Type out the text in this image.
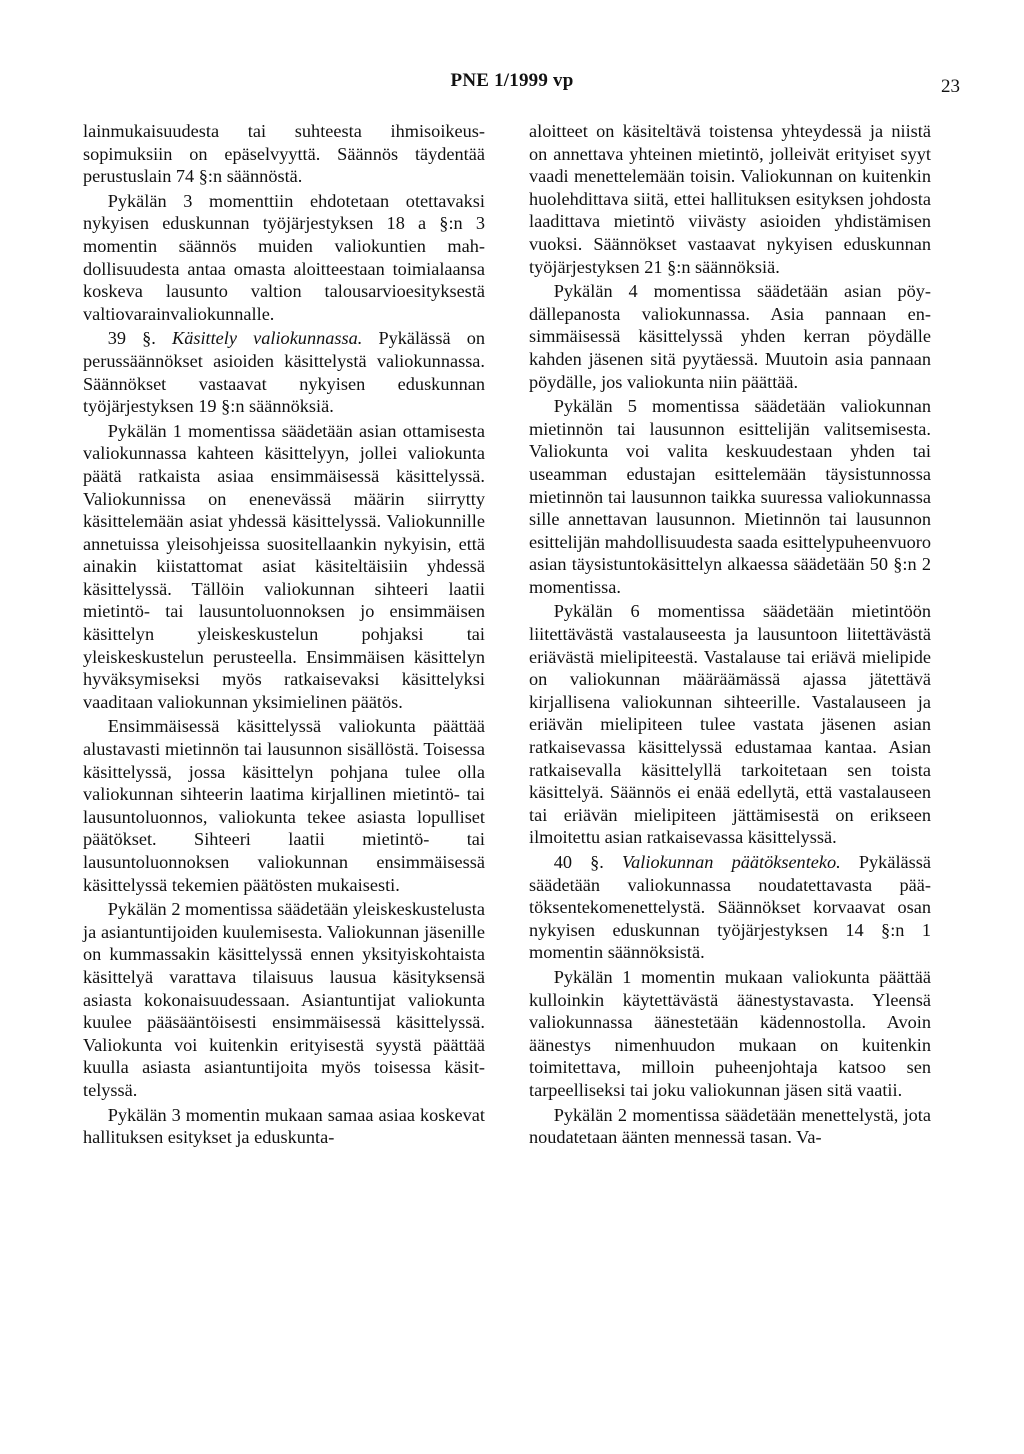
PNE 1/1999 vp	23

lainmukaisuudesta tai suhteesta ihmisoikeussopimuksiin on epäselvyyttä. Säännös täydentää perustuslain 74 §:n säännöstä.

Pykälän 3 momenttiin ehdotetaan otettavaksi nykyisen eduskunnan työjärjestyksen 18 a §:n 3 momentin säännös muiden valiokuntien mahdollisuudesta antaa omasta aloitteestaan toimialaansa koskeva lausunto valtion talousarvioesityksestä valtiovarainvaliokunnalle.

39 §. Käsittely valiokunnassa. Pykälässä on perussäännökset asioiden käsittelystä valiokunnassa. Säännökset vastaavat nykyisen eduskunnan työjärjestyksen 19 §:n säännöksiä.

Pykälän 1 momentissa säädetään asian ottamisesta valiokunnassa kahteen käsittelyyn, jollei valiokunta päätä ratkaista asiaa ensimmäisessä käsittelyssä. Valiokunnissa on enenevässä määrin siirrytty käsittelemään asiat yhdessä käsittelyssä. Valiokunnille annetuissa yleisohjeissa suositellaankin nykyisin, että ainakin kiistattomat asiat käsiteltäisiin yhdessä käsittelyssä. Tällöin valiokunnan sihteeri laatii mietintö- tai lausuntoluonnoksen jo ensimmäisen käsittelyn yleiskeskustelun pohjaksi tai yleiskeskustelun perusteella. Ensimmäisen käsittelyn hyväksymiseksi myös ratkaisevaksi käsittelyksi vaaditaan valiokunnan yksimielinen päätös.

Ensimmäisessä käsittelyssä valiokunta päättää alustavasti mietinnön tai lausunnon sisällöstä. Toisessa käsittelyssä, jossa käsittelyn pohjana tulee olla valiokunnan sihteerin laatima kirjallinen mietintö- tai lausuntoluonnos, valiokunta tekee asiasta lopulliset päätökset. Sihteeri laatii mietintö- tai lausuntoluonnoksen valiokunnan ensimmäisessä käsittelyssä tekemien päätösten mukaisesti.

Pykälän 2 momentissa säädetään yleiskeskustelusta ja asiantuntijoiden kuulemisesta. Valiokunnan jäsenille on kummassakin käsittelyssä ennen yksityiskohtaista käsittelyä varattava tilaisuus lausua käsityksensä asiasta kokonaisuudessaan. Asiantuntijat valiokunta kuulee pääsääntöisesti ensimmäisessä käsittelyssä. Valiokunta voi kuitenkin erityisestä syystä päättää kuulla asiasta asiantuntijoita myös toisessa käsittelyssä.

Pykälän 3 momentin mukaan samaa asiaa koskevat hallituksen esitykset ja eduskunta-

aloitteet on käsiteltävä toistensa yhteydessä ja niistä on annettava yhteinen mietintö, jolleivät erityiset syyt vaadi menettelemään toisin. Valiokunnan on kuitenkin huolehdittava siitä, ettei hallituksen esityksen johdosta laadittava mietintö viivästy asioiden yhdistämisen vuoksi. Säännökset vastaavat nykyisen eduskunnan työjärjestyksen 21 §:n säännöksiä.

Pykälän 4 momentissa säädetään asian pöydällepanosta valiokunnassa. Asia pannaan ensimmäisessä käsittelyssä yhden kerran pöydälle kahden jäsenen sitä pyytäessä. Muutoin asia pannaan pöydälle, jos valiokunta niin päättää.

Pykälän 5 momentissa säädetään valiokunnan mietinnön tai lausunnon esittelijän valitsemisesta. Valiokunta voi valita keskuudestaan yhden tai useamman edustajan esittelemään täysistunnossa mietinnön tai lausunnon taikka suuressa valiokunnassa sille annettavan lausunnon. Mietinnön tai lausunnon esittelijän mahdollisuudesta saada esittelypuheenvuoro asian täysistuntokäsittelyn alkaessa säädetään 50 §:n 2 momentissa.

Pykälän 6 momentissa säädetään mietintöön liitettävästä vastalauseesta ja lausuntoon liitettävästä eriävästä mielipiteestä. Vastalause tai eriävä mielipide on valiokunnan määräämässä ajassa jätettävä kirjallisena valiokunnan sihteerille. Vastalauseen ja eriävän mielipiteen tulee vastata jäsenen asian ratkaisevassa käsittelyssä edustamaa kantaa. Asian ratkaisevalla käsittelyllä tarkoitetaan sen toista käsittelyä. Säännös ei enää edellytä, että vastalauseen tai eriävän mielipiteen jättämisestä on erikseen ilmoitettu asian ratkaisevassa käsittelyssä.

40 §. Valiokunnan päätöksenteko. Pykälässä säädetään valiokunnassa noudatettavasta päätöksentekomenettelystä. Säännökset korvaavat osan nykyisen eduskunnan työjärjestyksen 14 §:n 1 momentin säännöksistä.

Pykälän 1 momentin mukaan valiokunta päättää kulloinkin käytettävästä äänestystavasta. Yleensä valiokunnassa äänestetään kädennostolla. Avoin äänestys nimenhuudon mukaan on kuitenkin toimitettava, milloin puheenjohtaja katsoo sen tarpeelliseksi tai joku valiokunnan jäsen sitä vaatii.

Pykälän 2 momentissa säädetään menettelystä, jota noudatetaan äänten mennessä tasan. Va-
